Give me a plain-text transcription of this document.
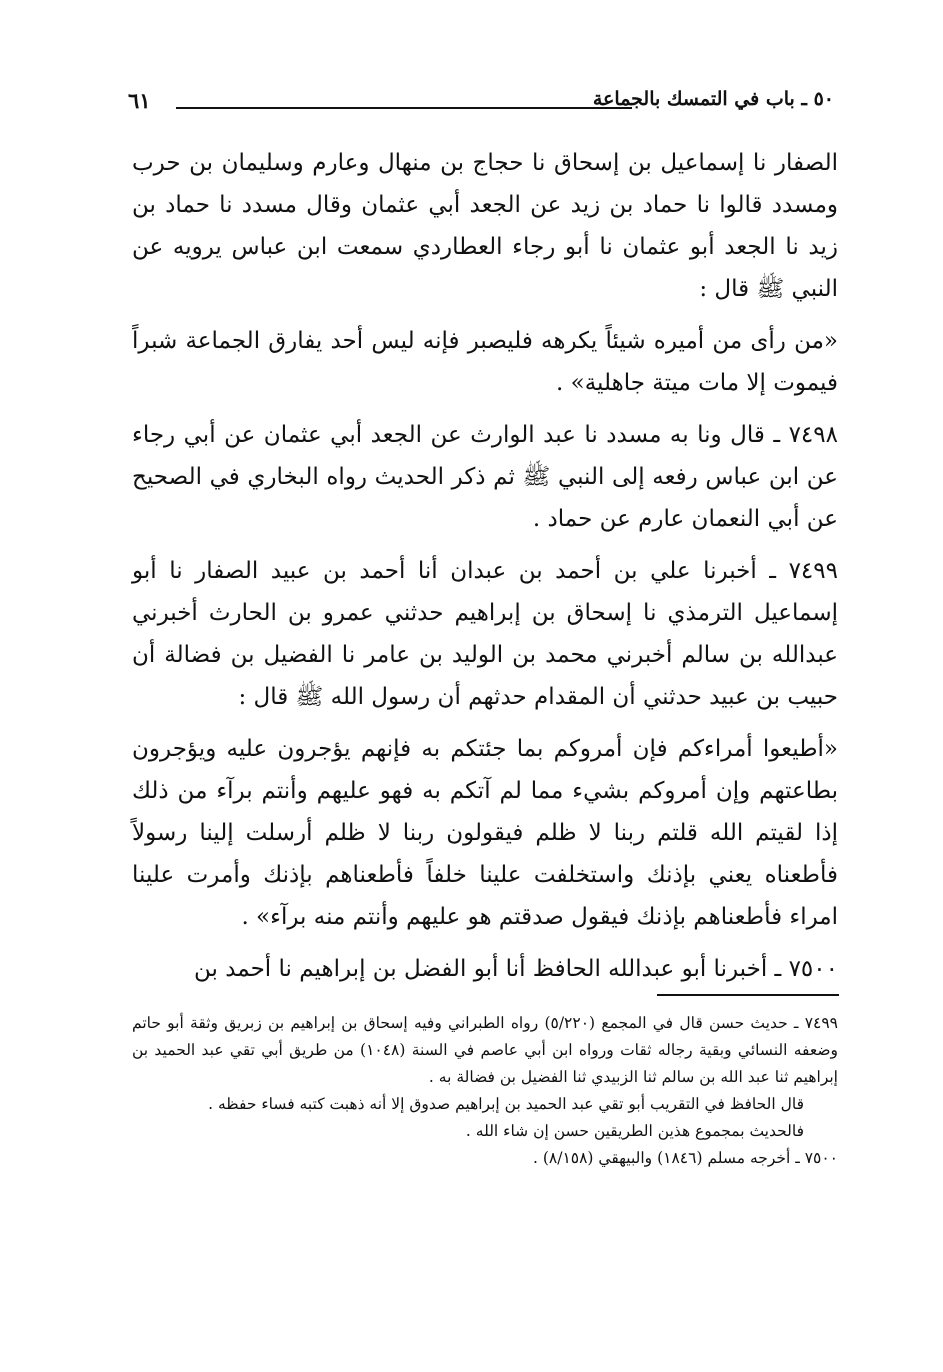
٥٠ ـ باب في التمسك بالجماعة
٦١

الصفار نا إسماعيل بن إسحاق نا حجاج بن منهال وعارم وسليمان بن حرب ومسدد قالوا نا حماد بن زيد عن الجعد أبي عثمان وقال مسدد نا حماد بن زيد نا الجعد أبو عثمان نا أبو رجاء العطاردي سمعت ابن عباس يرويه عن النبي ﷺ قال :

«من رأى من أميره شيئاً يكرهه فليصبر فإنه ليس أحد يفارق الجماعة شبراً فيموت إلا مات ميتة جاهلية» .

٧٤٩٨ ـ قال ونا به مسدد نا عبد الوارث عن الجعد أبي عثمان عن أبي رجاء عن ابن عباس رفعه إلى النبي ﷺ ثم ذكر الحديث رواه البخاري في الصحيح عن أبي النعمان عارم عن حماد .

٧٤٩٩ ـ أخبرنا علي بن أحمد بن عبدان أنا أحمد بن عبيد الصفار نا أبو إسماعيل الترمذي نا إسحاق بن إبراهيم حدثني عمرو بن الحارث أخبرني عبدالله بن سالم أخبرني محمد بن الوليد بن عامر نا الفضيل بن فضالة أن حبيب بن عبيد حدثني أن المقدام حدثهم أن رسول الله ﷺ قال :

«أطيعوا أمراءكم فإن أمروكم بما جئتكم به فإنهم يؤجرون عليه ويؤجرون بطاعتهم وإن أمروكم بشيء مما لم آتكم به فهو عليهم وأنتم برآء من ذلك إذا لقيتم الله قلتم ربنا لا ظلم فيقولون ربنا لا ظلم أرسلت إلينا رسولاً فأطعناه يعني بإذنك واستخلفت علينا خلفاً فأطعناهم بإذنك وأمرت علينا امراء فأطعناهم بإذنك فيقول صدقتم هو عليهم وأنتم منه برآء» .

٧٥٠٠ ـ أخبرنا أبو عبدالله الحافظ أنا أبو الفضل بن إبراهيم نا أحمد بن

٧٤٩٩ ـ حديث حسن قال في المجمع (٥/٢٢٠) رواه الطبراني وفيه إسحاق بن إبراهيم بن زبريق وثقة أبو حاتم وضعفه النسائي وبقية رجاله ثقات ورواه ابن أبي عاصم في السنة (١٠٤٨) من طريق أبي تقي عبد الحميد بن إبراهيم ثنا عبد الله بن سالم ثنا الزبيدي ثنا الفضيل بن فضالة به .

قال الحافظ في التقريب أبو تقي عبد الحميد بن إبراهيم صدوق إلا أنه ذهبت كتبه فساء حفظه .

فالحديث بمجموع هذين الطريقين حسن إن شاء الله .

٧٥٠٠ ـ أخرجه مسلم (١٨٤٦) والبيهقي (٨/١٥٨) .
